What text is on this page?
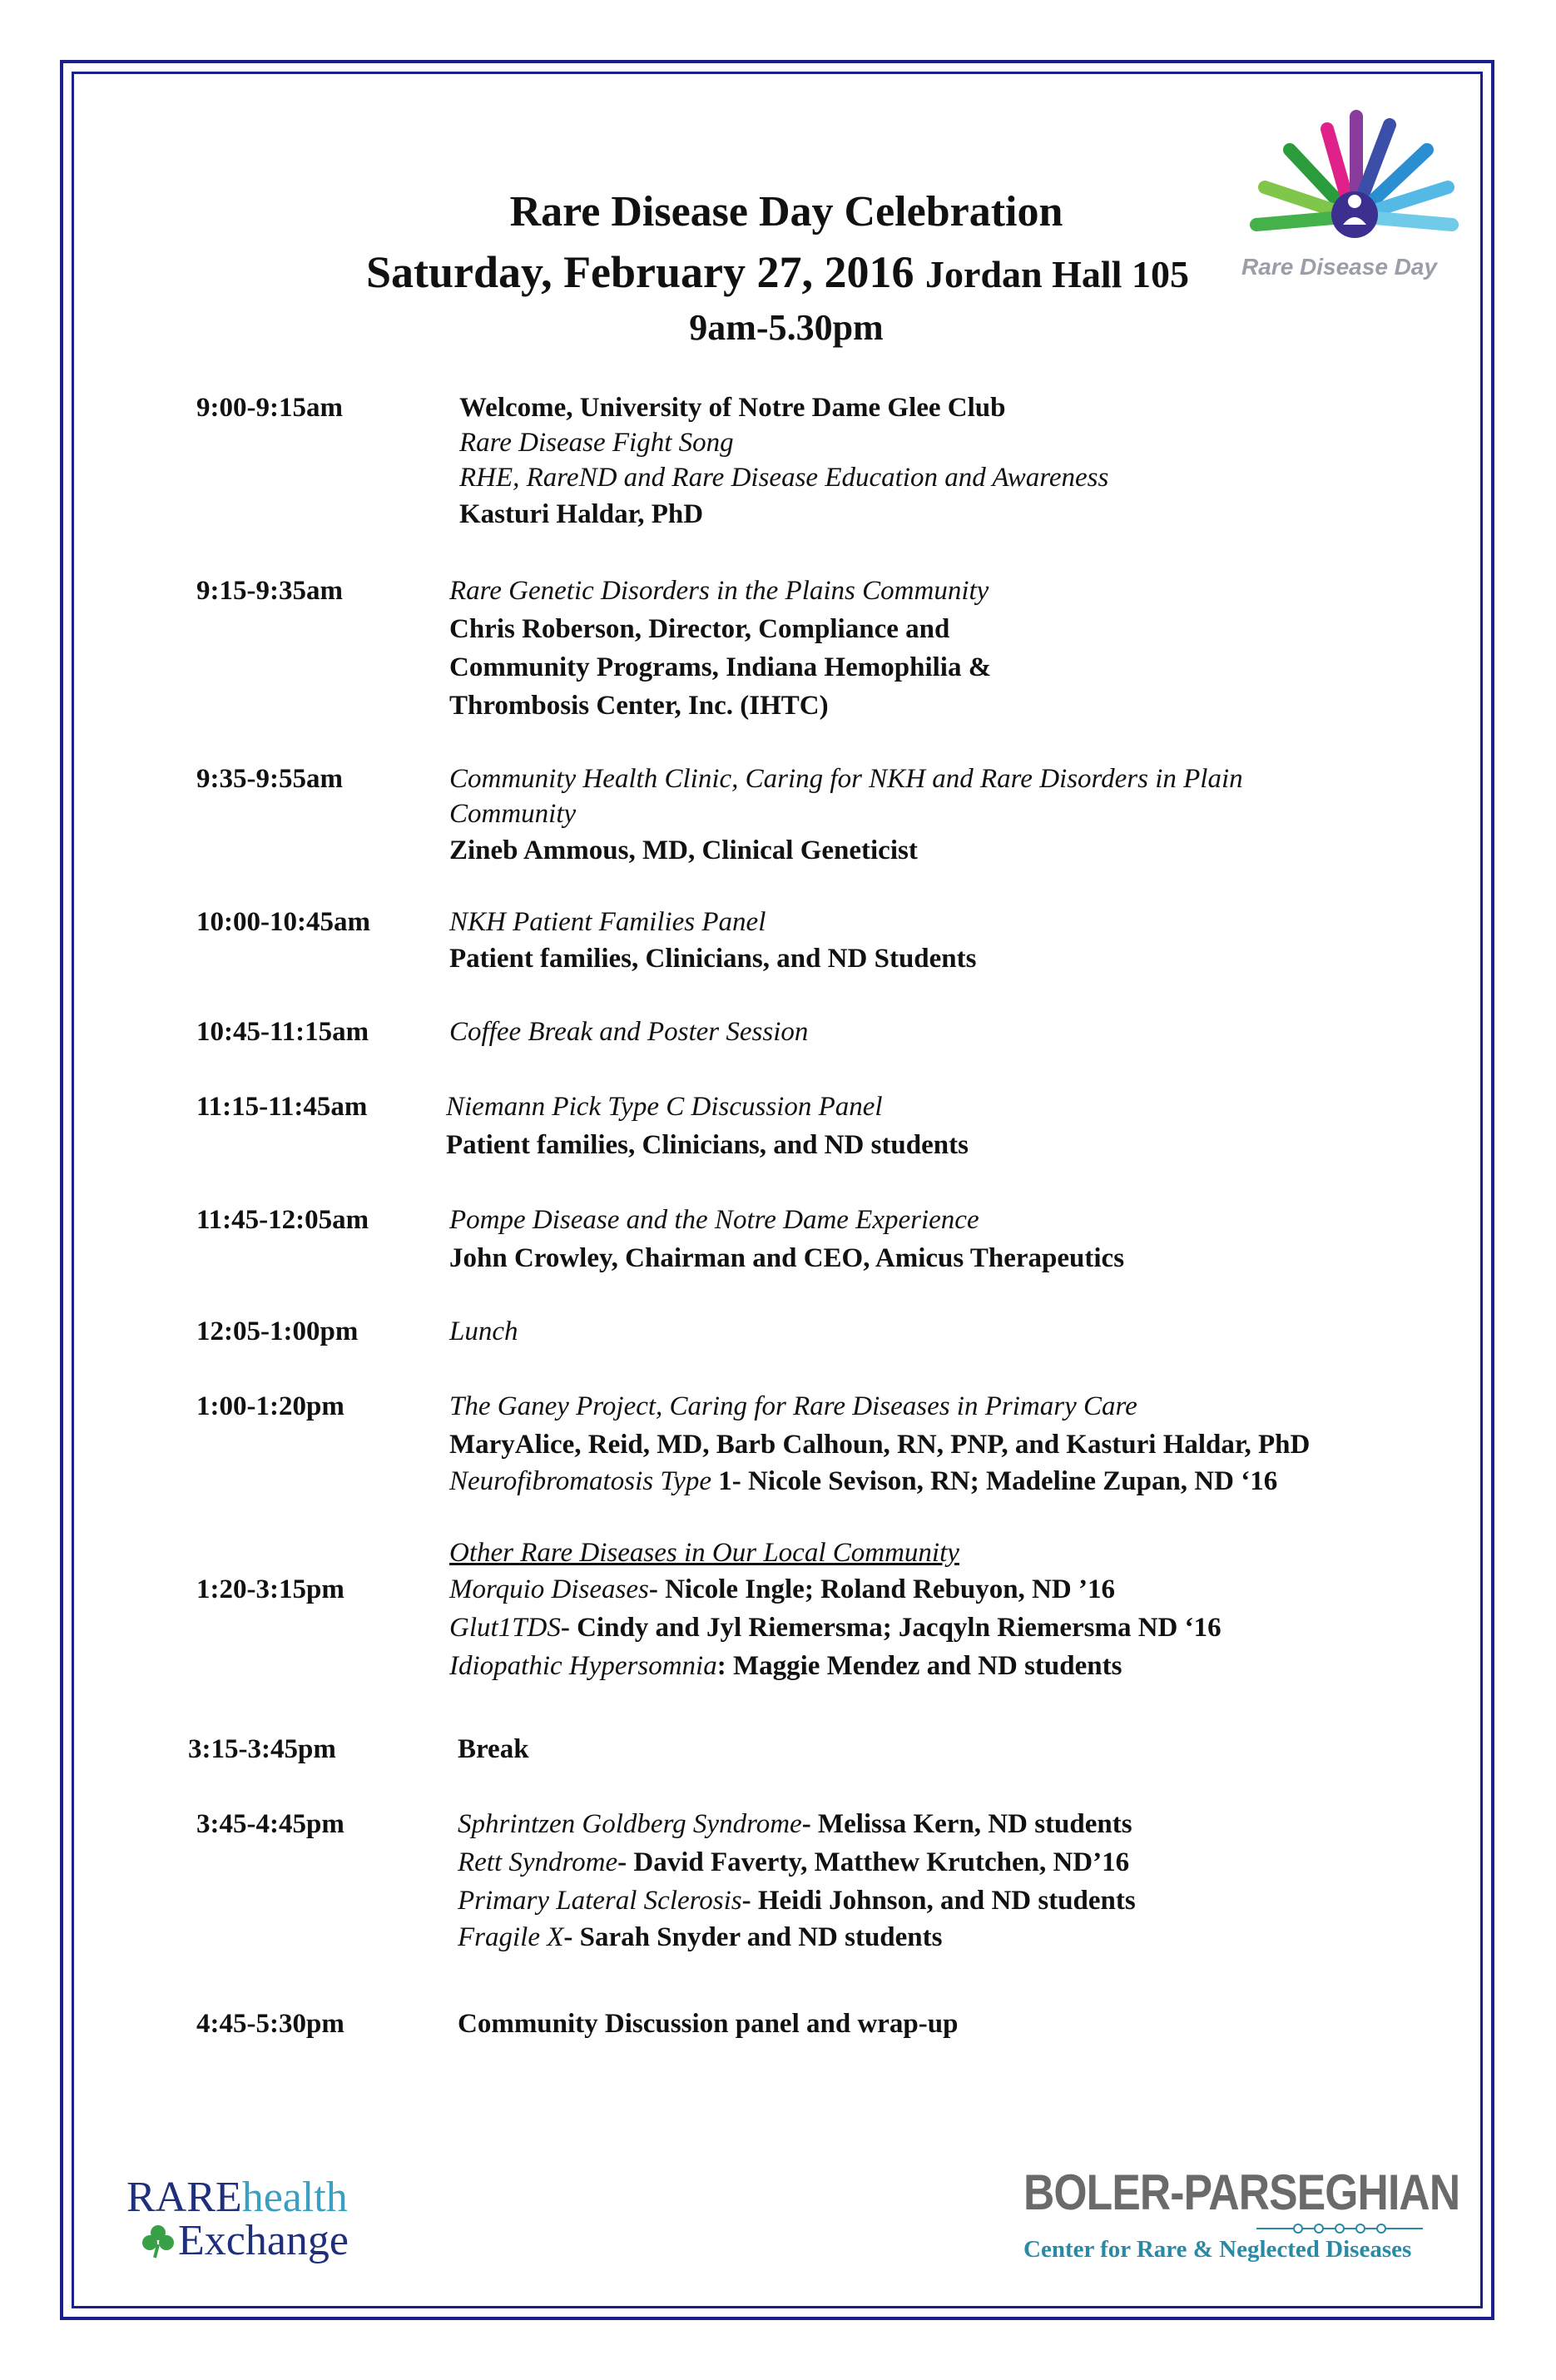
Rare Disease Day Celebration
Saturday, February 27, 2016 Jordan Hall 105
9am-5.30pm
Rare Disease Day
9:00-9:15am	Welcome, University of Notre Dame Glee Club
Rare Disease Fight Song
RHE, RareND and Rare Disease Education and Awareness
Kasturi Haldar, PhD
9:15-9:35am	Rare Genetic Disorders in the Plains Community
Chris Roberson, Director, Compliance and
Community Programs, Indiana Hemophilia &
Thrombosis Center, Inc. (IHTC)
9:35-9:55am	Community Health Clinic, Caring for NKH and Rare Disorders in Plain
Community
Zineb Ammous, MD, Clinical Geneticist
10:00-10:45am	NKH Patient Families Panel
Patient families, Clinicians, and ND Students
10:45-11:15am	Coffee Break and Poster Session
11:15-11:45am	Niemann Pick Type C Discussion Panel
Patient families, Clinicians, and ND students
11:45-12:05am	Pompe Disease and the Notre Dame Experience
John Crowley, Chairman and CEO, Amicus Therapeutics
12:05-1:00pm	Lunch
1:00-1:20pm	The Ganey Project, Caring for Rare Diseases in Primary Care
MaryAlice, Reid, MD, Barb Calhoun, RN, PNP, and Kasturi Haldar, PhD
Neurofibromatosis Type 1- Nicole Sevison, RN; Madeline Zupan, ND ‘16
Other Rare Diseases in Our Local Community
1:20-3:15pm	Morquio Diseases- Nicole Ingle; Roland Rebuyon, ND ’16
Glut1TDS- Cindy and Jyl Riemersma; Jacqyln Riemersma ND ‘16
Idiopathic Hypersomnia: Maggie Mendez and ND students
3:15-3:45pm	Break
3:45-4:45pm	Sphrintzen Goldberg Syndrome- Melissa Kern, ND students
Rett Syndrome- David Faverty, Matthew Krutchen, ND’16
Primary Lateral Sclerosis- Heidi Johnson, and ND students
Fragile X- Sarah Snyder and ND students
4:45-5:30pm	Community Discussion panel and wrap-up
RAREhealth
Exchange
BOLER-PARSEGHIAN
Center for Rare & Neglected Diseases
